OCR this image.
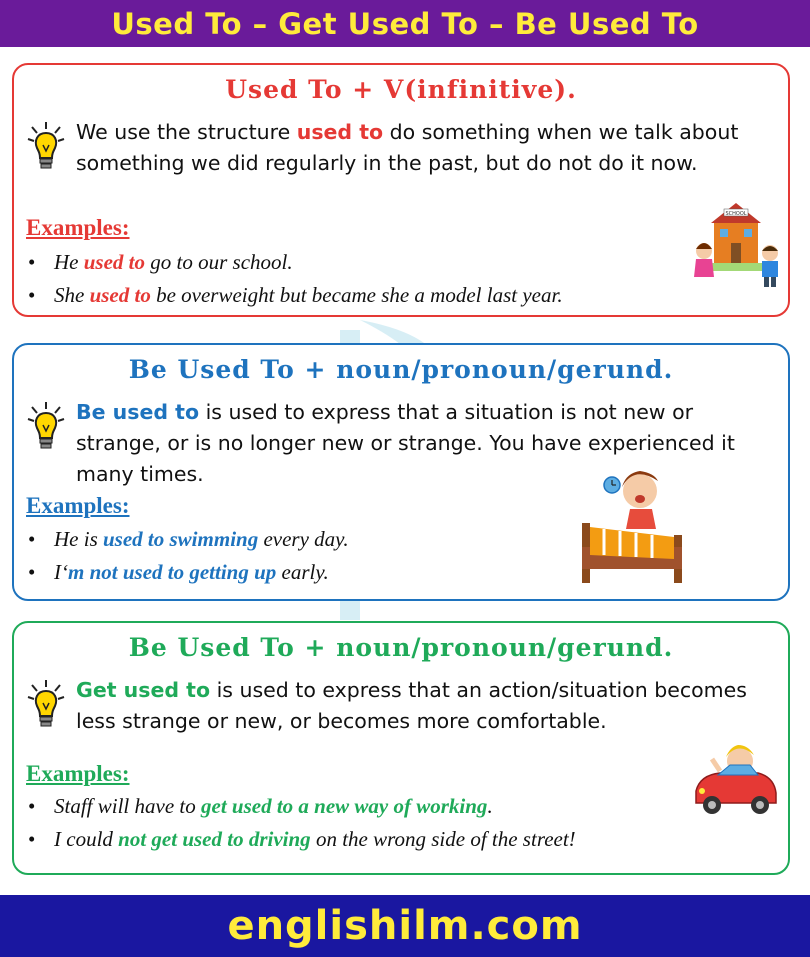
Used To – Get Used To – Be Used To
Used To + V(infinitive).
We use the structure used to do something when we talk about something we did regularly in the past, but do not do it now.
Examples:
• He used to go to our school.
• She used to be overweight but became she a model last year.
SCHOOL
Be Used To + noun/pronoun/gerund.
Be used to is used to express that a situation is not new or strange, or is no longer new or strange. You have experienced it many times.
Examples:
• He is used to swimming every day.
• I‘m not used to getting up early.
Be Used To + noun/pronoun/gerund.
Get used to is used to express that an action/situation becomes less strange or new, or becomes more comfortable.
Examples:
• Staff will have to get used to a new way of working.
• I could not get used to driving on the wrong side of the street!
englishilm.com
